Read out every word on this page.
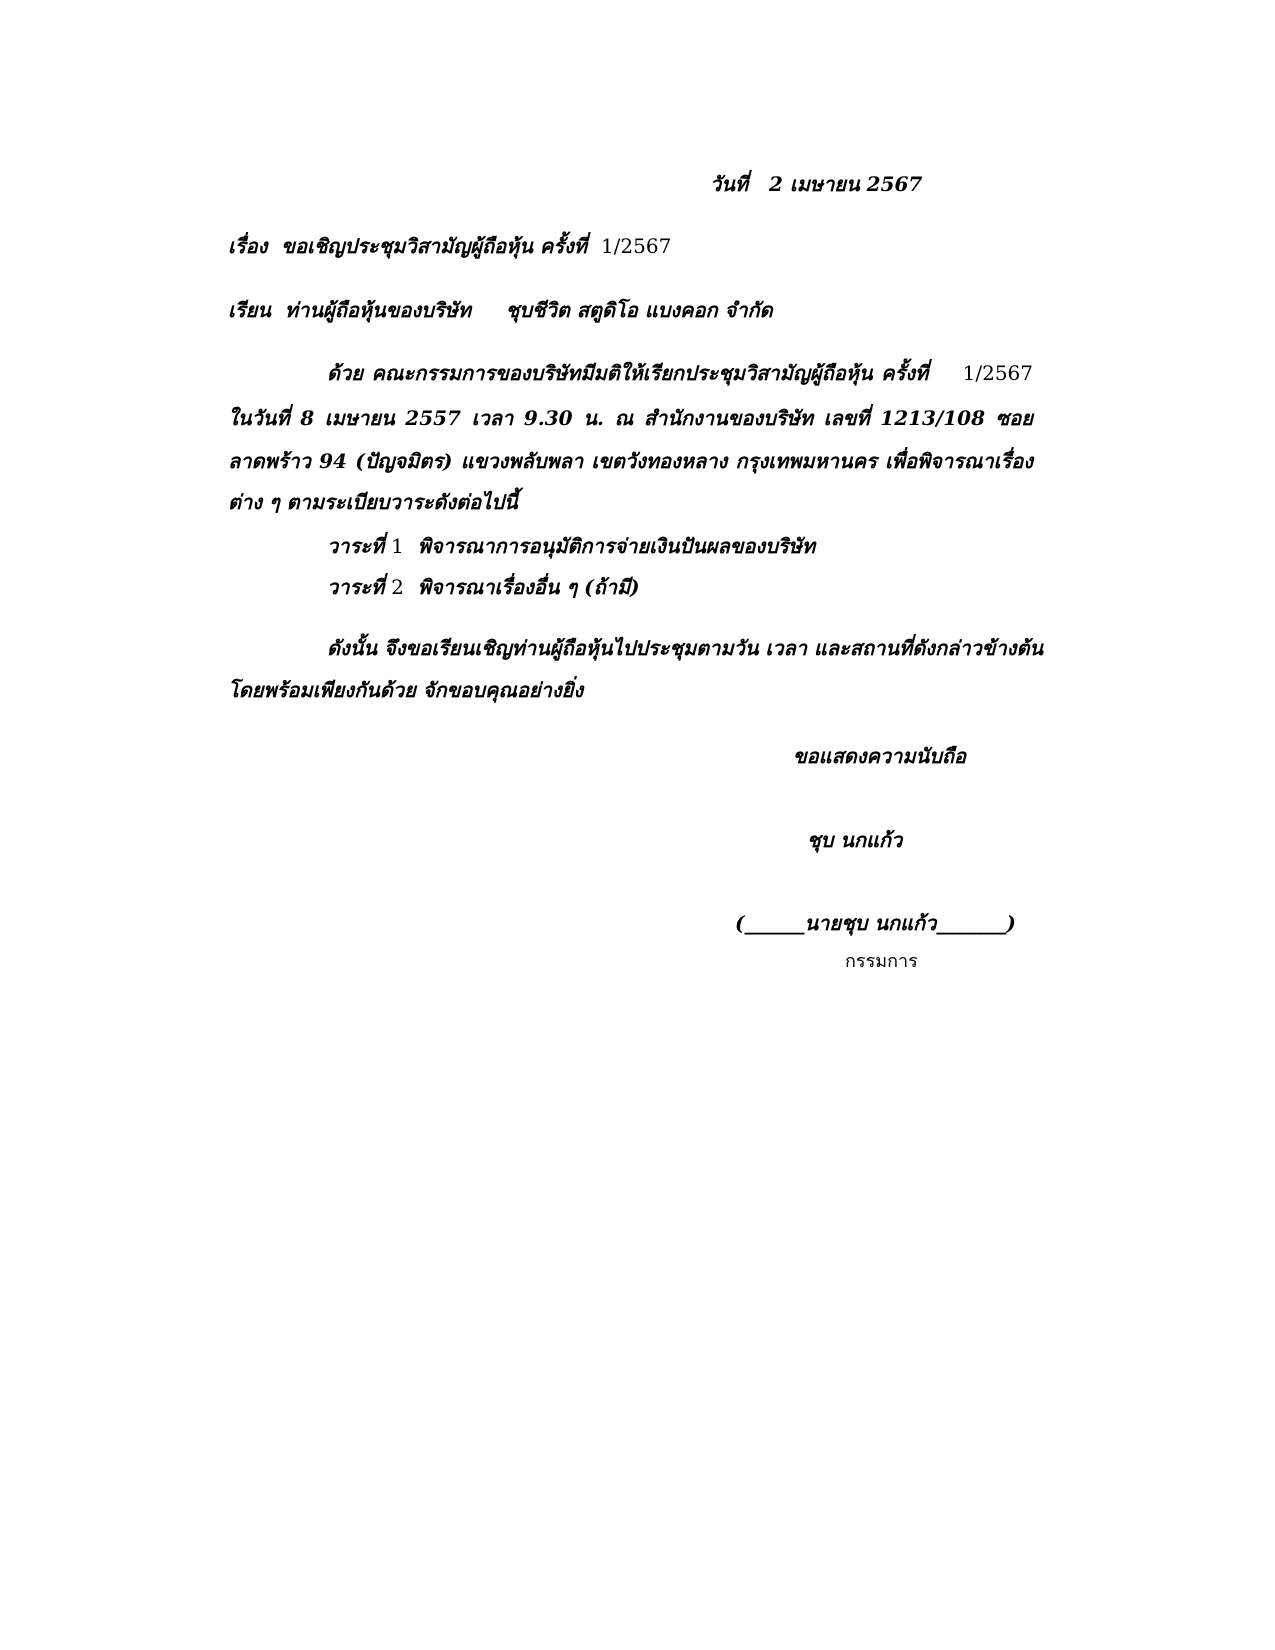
วันที่ 2 เมษายน 2567
เรื่อง ขอเชิญประชุมวิสามัญผู้ถือหุ้น ครั้งที่ 1/2567
เรียน ท่านผู้ถือหุ้นของบริษัท ชุบชีวิต สตูดิโอ แบงคอก จำกัด
ด้วย คณะกรรมการของบริษัทมีมติให้เรียกประชุมวิสามัญผู้ถือหุ้น ครั้งที่ 1/2567
ในวันที่ 8 เมษายน 2557 เวลา 9.30 น. ณ สำนักงานของบริษัท เลขที่ 1213/108 ซอย
ลาดพร้าว 94 (ปัญจมิตร) แขวงพลับพลา เขตวังทองหลาง กรุงเทพมหานคร เพื่อพิจารณาเรื่อง
ต่าง ๆ ตามระเบียบวาระดังต่อไปนี้
วาระที่ 1 พิจารณาการอนุมัติการจ่ายเงินปันผลของบริษัท
วาระที่ 2 พิจารณาเรื่องอื่น ๆ (ถ้ามี)
ดังนั้น จึงขอเรียนเชิญท่านผู้ถือหุ้นไปประชุมตามวัน เวลา และสถานที่ดังกล่าวข้างต้น
โดยพร้อมเพียงกันด้วย จักขอบคุณอย่างยิ่ง
ขอแสดงความนับถือ
ชุบ นกแก้ว
(______นายชุบ นกแก้ว_______)
กรรมการ
